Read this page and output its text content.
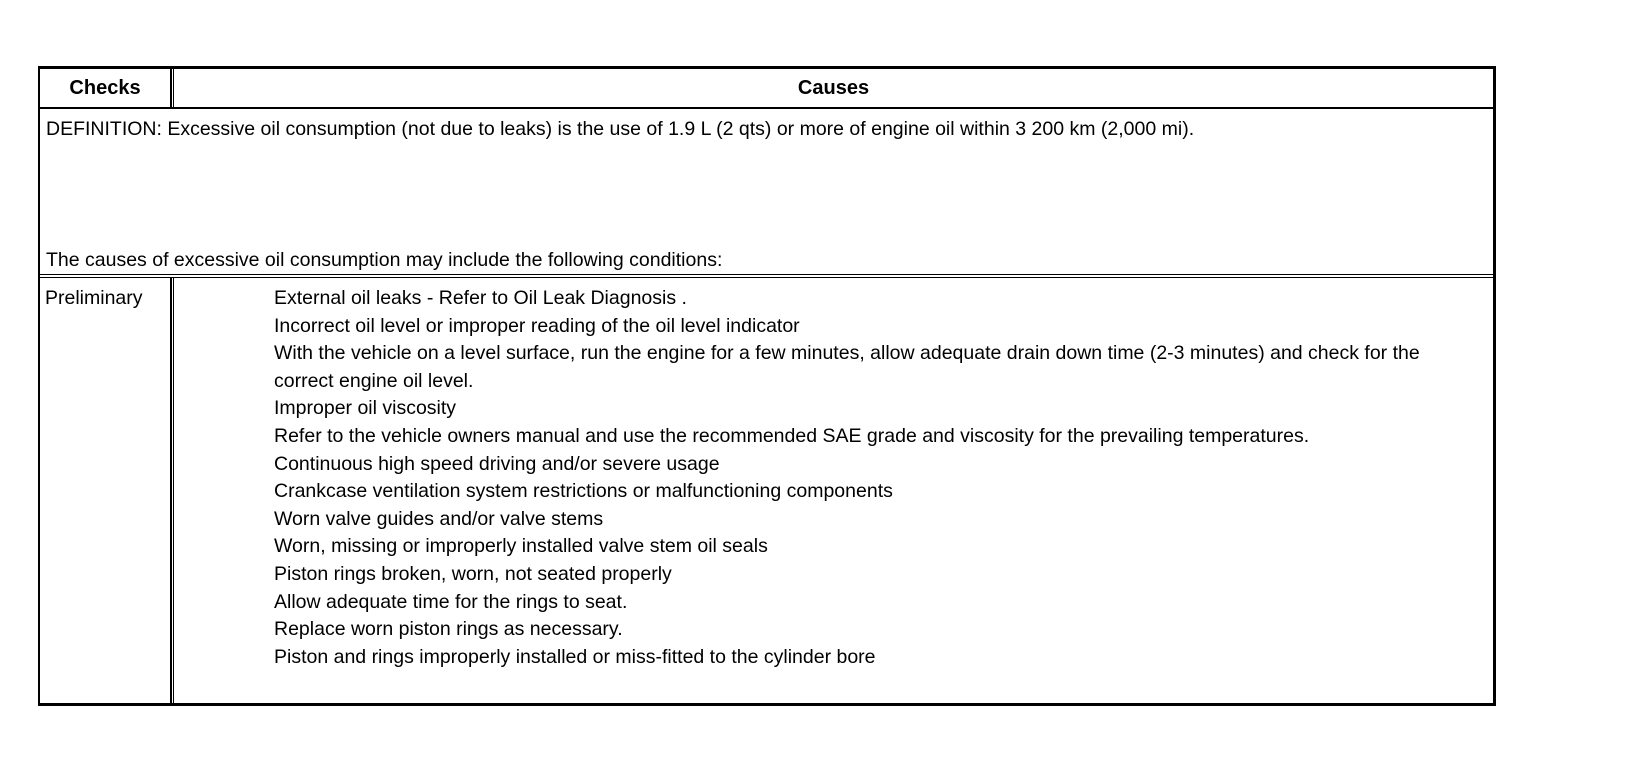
Checks	Causes
DEFINITION: Excessive oil consumption (not due to leaks) is the use of 1.9 L (2 qts) or more of engine oil within 3 200 km (2,000 mi).
The causes of excessive oil consumption may include the following conditions:
Preliminary	External oil leaks - Refer to Oil Leak Diagnosis .
Incorrect oil level or improper reading of the oil level indicator
With the vehicle on a level surface, run the engine for a few minutes, allow adequate drain down time (2-3 minutes) and check for the correct engine oil level.
Improper oil viscosity
Refer to the vehicle owners manual and use the recommended SAE grade and viscosity for the prevailing temperatures.
Continuous high speed driving and/or severe usage
Crankcase ventilation system restrictions or malfunctioning components
Worn valve guides and/or valve stems
Worn, missing or improperly installed valve stem oil seals
Piston rings broken, worn, not seated properly
Allow adequate time for the rings to seat.
Replace worn piston rings as necessary.
Piston and rings improperly installed or miss-fitted to the cylinder bore
